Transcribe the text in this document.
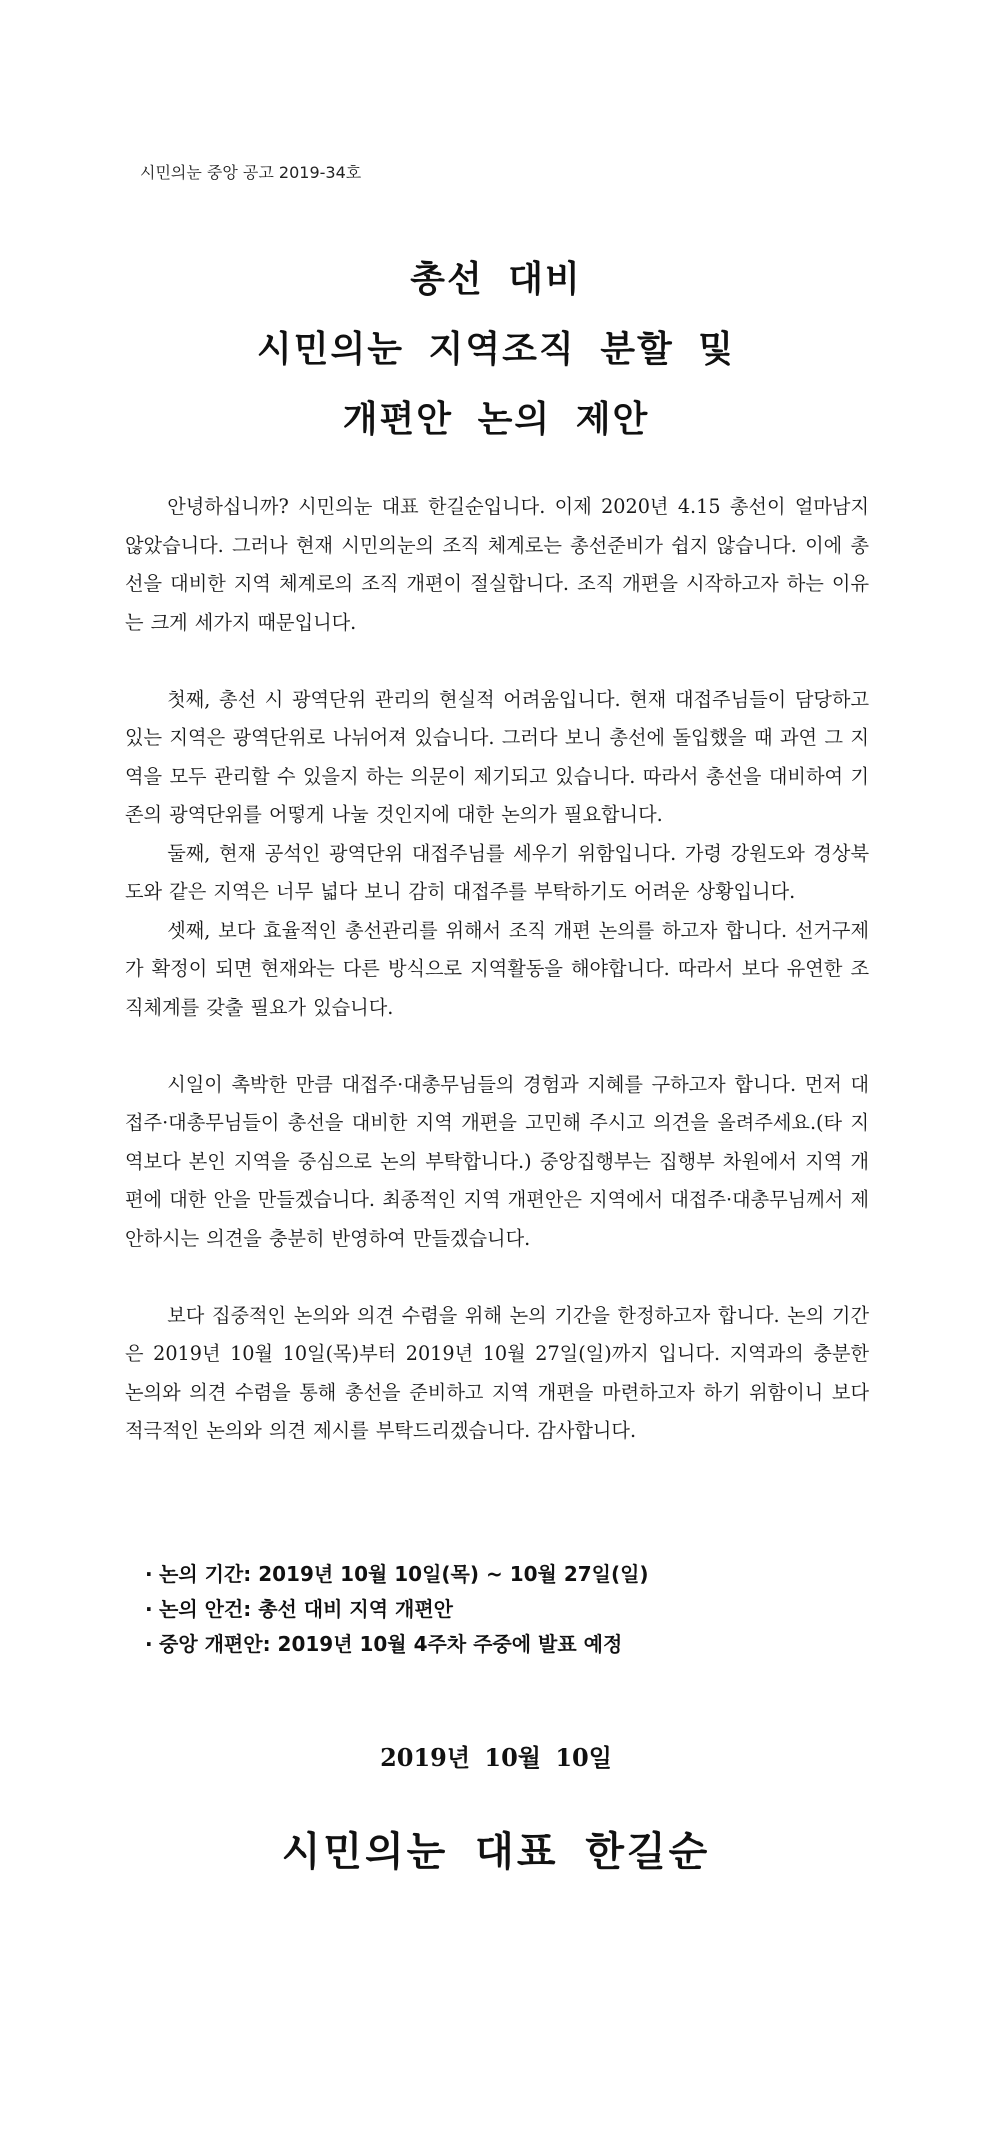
시민의눈 중앙 공고 2019-34호
총선 대비
시민의눈 지역조직 분할 및
개편안 논의 제안

안녕하십니까? 시민의눈 대표 한길순입니다. 이제 2020년 4.15 총선이 얼마남지 않았습니다. 그러나 현재 시민의눈의 조직 체계로는 총선준비가 쉽지 않습니다. 이에 총선을 대비한 지역 체계로의 조직 개편이 절실합니다. 조직 개편을 시작하고자 하는 이유는 크게 세가지 때문입니다.

첫째, 총선 시 광역단위 관리의 현실적 어려움입니다. 현재 대접주님들이 담당하고 있는 지역은 광역단위로 나뉘어져 있습니다. 그러다 보니 총선에 돌입했을 때 과연 그 지역을 모두 관리할 수 있을지 하는 의문이 제기되고 있습니다. 따라서 총선을 대비하여 기존의 광역단위를 어떻게 나눌 것인지에 대한 논의가 필요합니다.

둘째, 현재 공석인 광역단위 대접주님를 세우기 위함입니다. 가령 강원도와 경상북도와 같은 지역은 너무 넓다 보니 감히 대접주를 부탁하기도 어려운 상황입니다.

셋째, 보다 효율적인 총선관리를 위해서 조직 개편 논의를 하고자 합니다. 선거구제가 확정이 되면 현재와는 다른 방식으로 지역활동을 해야합니다. 따라서 보다 유연한 조직체계를 갖출 필요가 있습니다.

시일이 촉박한 만큼 대접주·대총무님들의 경험과 지혜를 구하고자 합니다. 먼저 대접주·대총무님들이 총선을 대비한 지역 개편을 고민해 주시고 의견을 올려주세요.(타 지역보다 본인 지역을 중심으로 논의 부탁합니다.) 중앙집행부는 집행부 차원에서 지역 개편에 대한 안을 만들겠습니다. 최종적인 지역 개편안은 지역에서 대접주·대총무님께서 제안하시는 의견을 충분히 반영하여 만들겠습니다.

보다 집중적인 논의와 의견 수렴을 위해 논의 기간을 한정하고자 합니다. 논의 기간은 2019년 10월 10일(목)부터 2019년 10월 27일(일)까지 입니다. 지역과의 충분한 논의와 의견 수렴을 통해 총선을 준비하고 지역 개편을 마련하고자 하기 위함이니 보다 적극적인 논의와 의견 제시를 부탁드리겠습니다. 감사합니다.

· 논의 기간: 2019년 10월 10일(목) ~ 10월 27일(일)
· 논의 안건: 총선 대비 지역 개편안
· 중앙 개편안: 2019년 10월 4주차 주중에 발표 예정
2019년 10월 10일
시민의눈 대표 한길순
